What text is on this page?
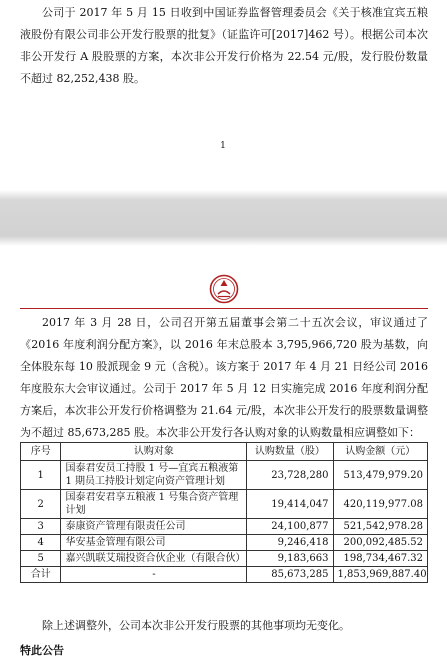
公司于 2017 年 5 月 15 日收到中国证券监督管理委员会《关于核准宜宾五粮液股份有限公司非公开发行股票的批复》（证监许可[2017]462 号）。根据公司本次非公开发行 A 股股票的方案，本次非公开发行价格为 22.54 元/股，发行股份数量不超过 82,252,438 股。

1

2017 年 3 月 28 日，公司召开第五届董事会第二十五次会议，审议通过了《2016 年度利润分配方案》，以 2016 年末总股本 3,795,966,720 股为基数，向全体股东每 10 股派现金 9 元（含税）。该方案于 2017 年 4 月 21 日经公司 2016 年度股东大会审议通过。公司于 2017 年 5 月 12 日实施完成 2016 年度利润分配方案后，本次非公开发行价格调整为 21.64 元/股，本次非公开发行的股票数量调整为不超过 85,673,285 股。本次非公开发行各认购对象的认购数量相应调整如下：

序号	认购对象	认购数量（股）	认购金额（元）
1	国泰君安员工持股 1 号—宜宾五粮液第 1 期员工持股计划定向资产管理计划	23,728,280	513,479,979.20
2	国泰君安君享五粮液 1 号集合资产管理计划	19,414,047	420,119,977.08
3	泰康资产管理有限责任公司	24,100,877	521,542,978.28
4	华安基金管理有限公司	9,246,418	200,092,485.52
5	嘉兴凯联艾瑞投资合伙企业（有限合伙）	9,183,663	198,734,467.32
合计	-	85,673,285	1,853,969,887.40

除上述调整外，公司本次非公开发行股票的其他事项均无变化。

特此公告
